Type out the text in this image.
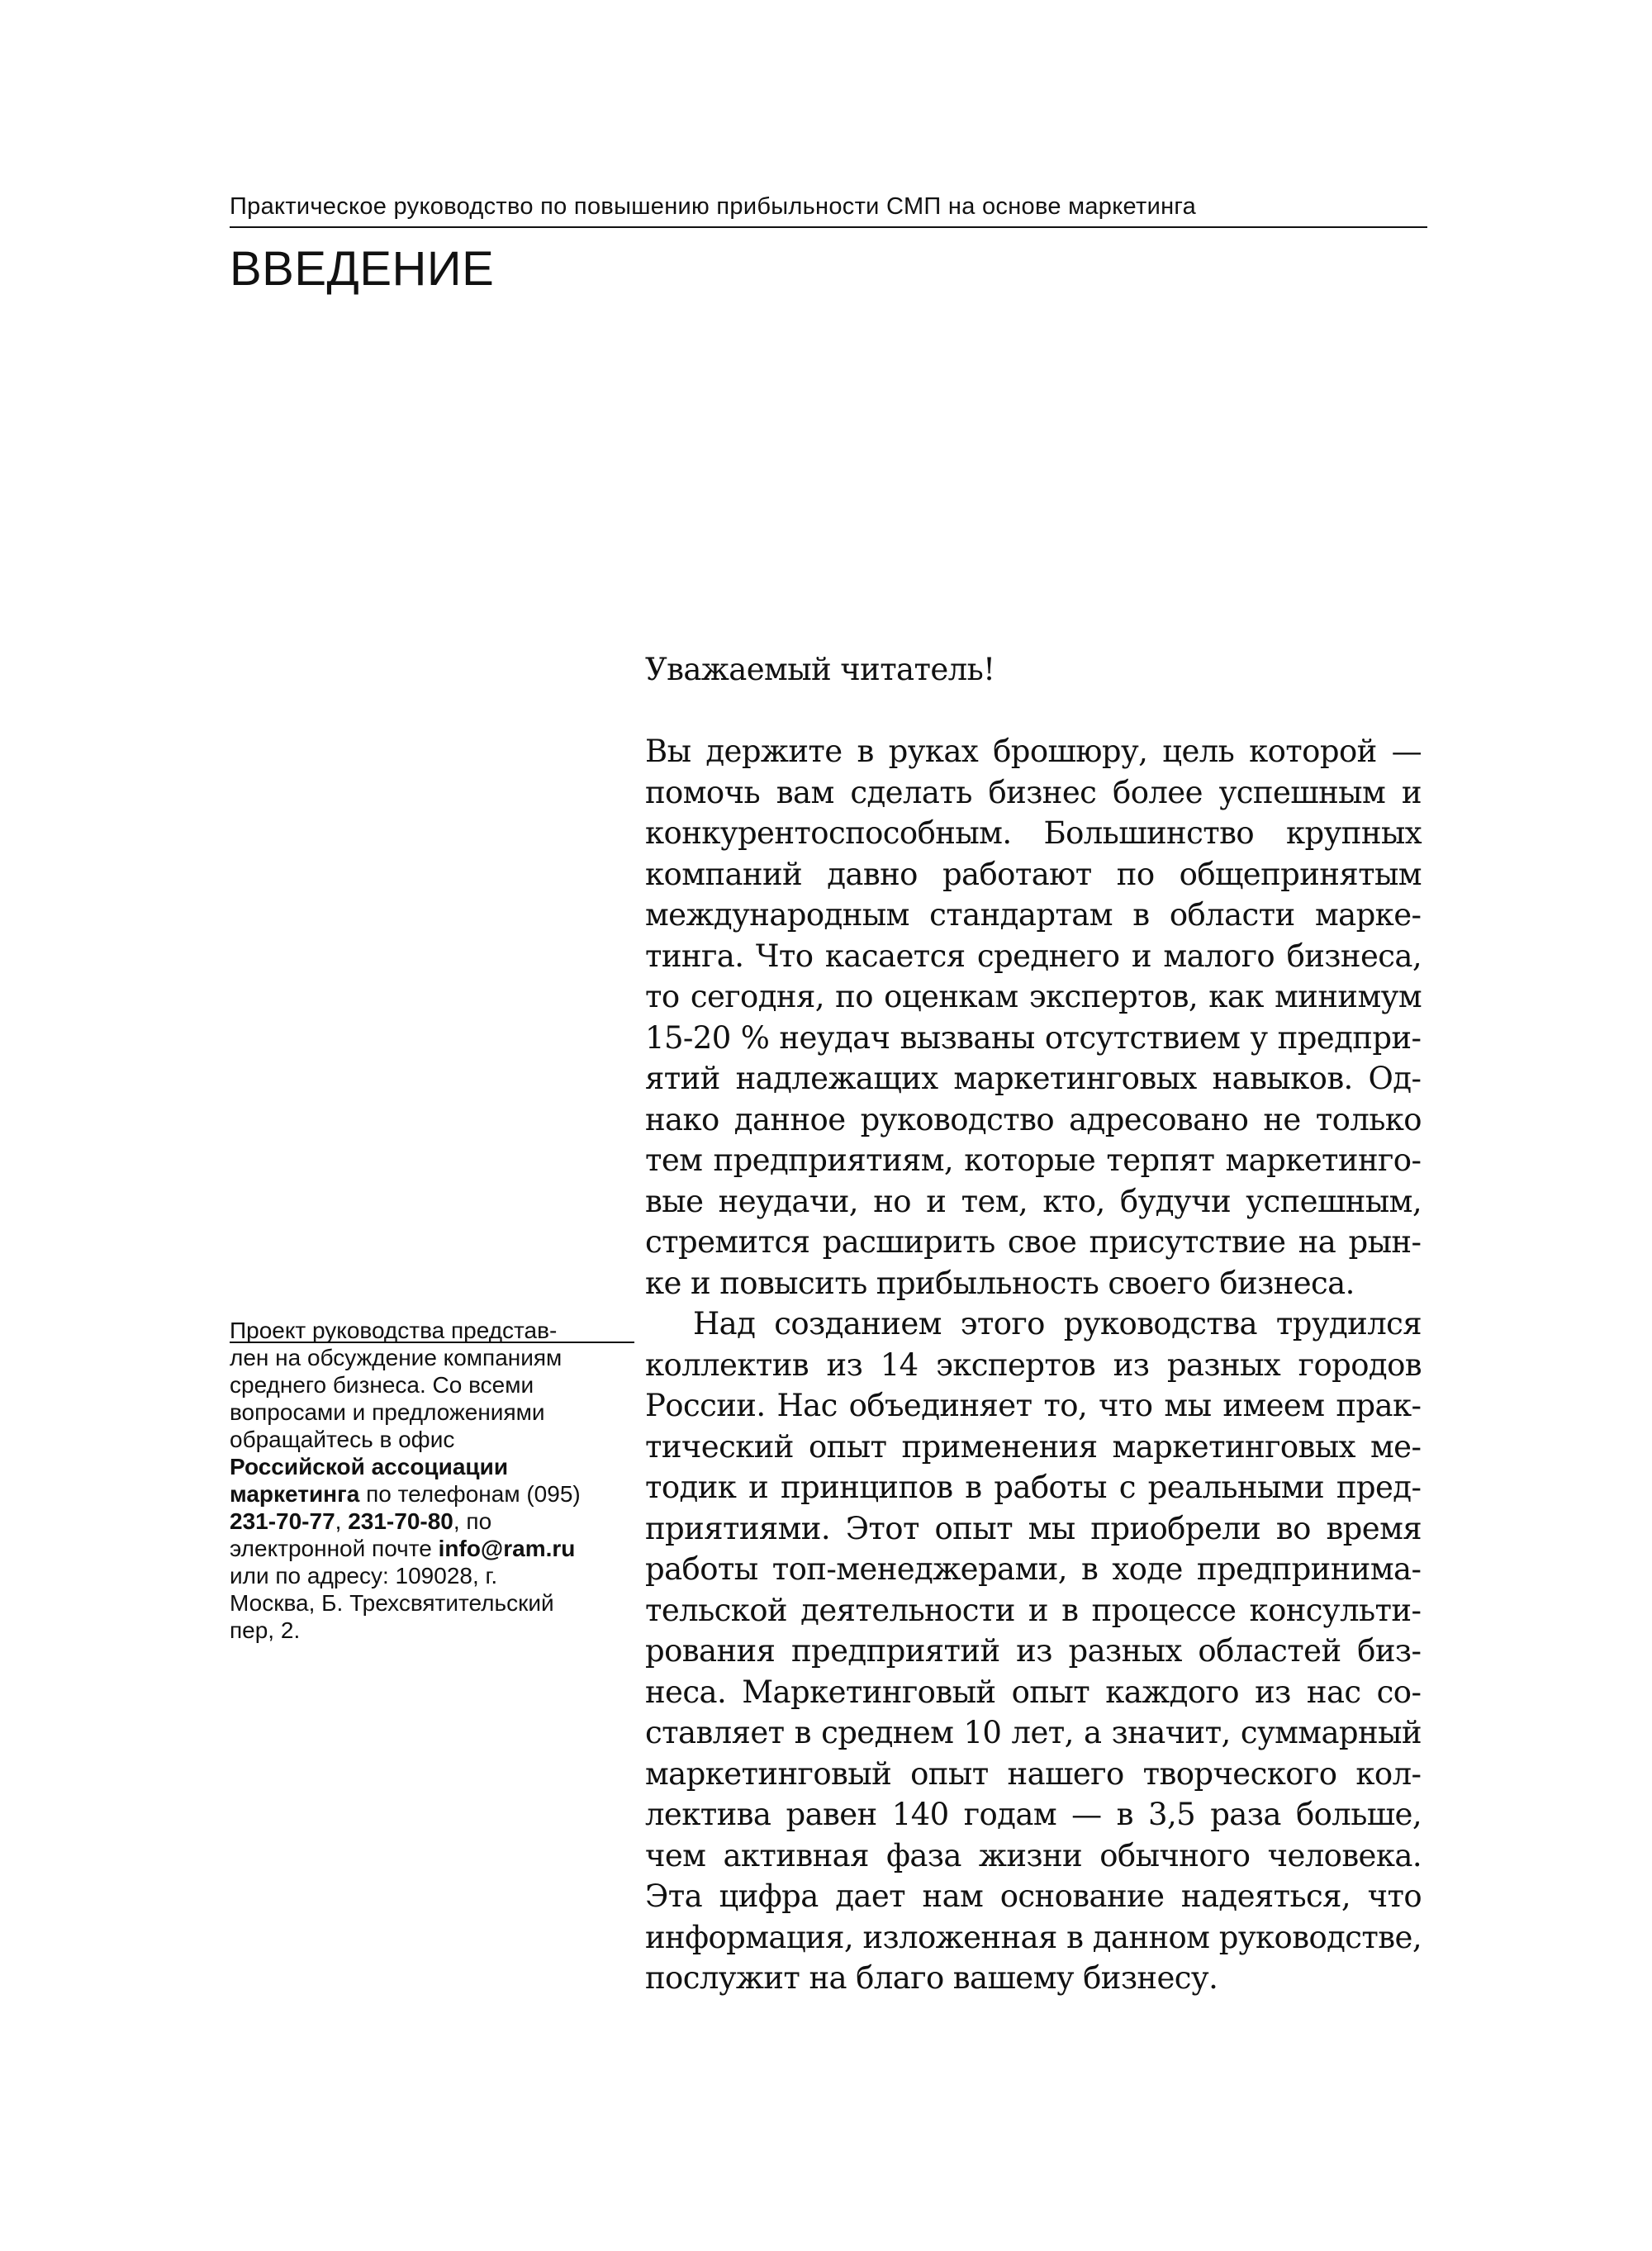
Практическое руководство по повышению прибыльности СМП на основе маркетинга
ВВЕДЕНИЕ

Уважаемый читатель!

Вы держите в руках брошюру, цель которой — помочь вам сделать бизнес более успешным и конкурентоспособным. Большинство крупных компаний давно работают по общепринятым международным стандартам в области маркетинга. Что касается среднего и малого бизнеса, то сегодня, по оценкам экспертов, как минимум 15-20 % неудач вызваны отсутствием у предприятий надлежащих маркетинговых навыков. Однако данное руководство адресовано не только тем предприятиям, которые терпят маркетинговые неудачи, но и тем, кто, будучи успешным, стремится расширить свое присутствие на рынке и повысить прибыльность своего бизнеса.

Над созданием этого руководства трудился коллектив из 14 экспертов из разных городов России. Нас объединяет то, что мы имеем практический опыт применения маркетинговых методик и принципов в работы с реальными предприятиями. Этот опыт мы приобрели во время работы топ-менеджерами, в ходе предпринимательской деятельности и в процессе консультирования предприятий из разных областей бизнеса. Маркетинговый опыт каждого из нас составляет в среднем 10 лет, а значит, суммарный маркетинговый опыт нашего творческого коллектива равен 140 годам — в 3,5 раза больше, чем активная фаза жизни обычного человека. Эта цифра дает нам основание надеяться, что информация, изложенная в данном руководстве, послужит на благо вашему бизнесу.

Проект руководства представлен на обсуждение компаниям среднего бизнеса. Со всеми вопросами и предложениями обращайтесь в офис Российской ассоциации маркетинга по телефонам (095) 231-70-77, 231-70-80, по электронной почте info@ram.ru или по адресу: 109028, г. Москва, Б. Трехсвятительский пер, 2.
